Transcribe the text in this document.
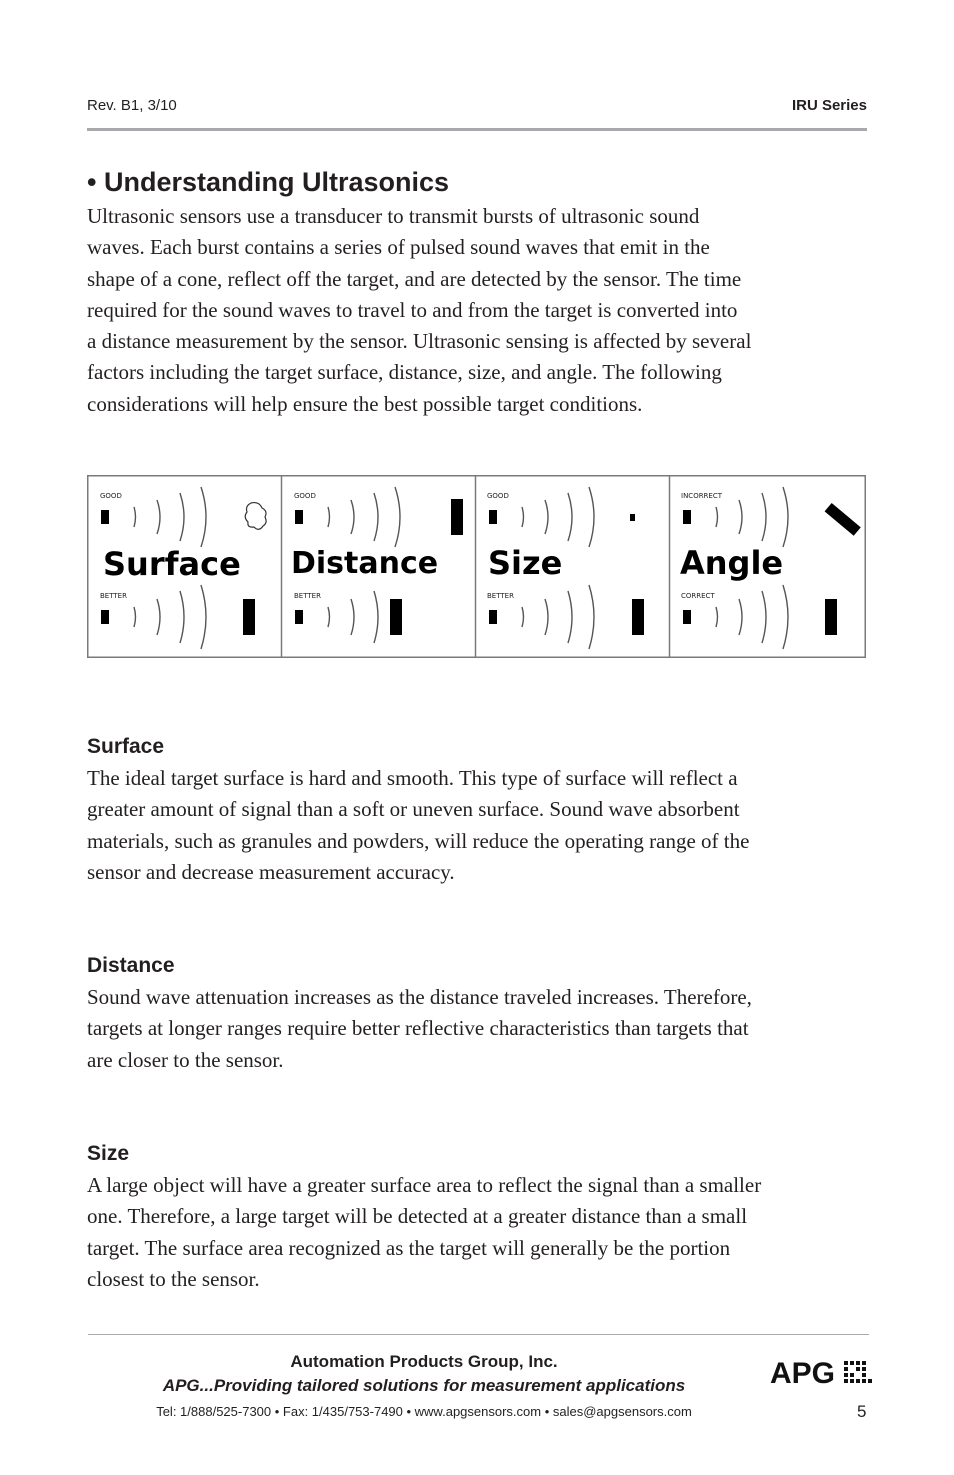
Rev. B1, 3/10	IRU Series
• Understanding Ultrasonics

Ultrasonic sensors use a transducer to transmit bursts of ultrasonic sound
waves. Each burst contains a series of pulsed sound waves that emit in the
shape of a cone, reflect off the target, and are detected by the sensor. The time
required for the sound waves to travel to and from the target is converted into
a distance measurement by the sensor. Ultrasonic sensing is affected by several
factors including the target surface, distance, size, and angle. The following
considerations will help ensure the best possible target conditions.

GOOD
Surface
BETTER
GOOD
Distance
BETTER
GOOD
Size
BETTER
INCORRECT
Angle
CORRECT
Surface

The ideal target surface is hard and smooth. This type of surface will reflect a
greater amount of signal than a soft or uneven surface. Sound wave absorbent
materials, such as granules and powders, will reduce the operating range of the
sensor and decrease measurement accuracy.

Distance

Sound wave attenuation increases as the distance traveled increases. Therefore,
targets at longer ranges require better reflective characteristics than targets that
are closer to the sensor.

Size

A large object will have a greater surface area to reflect the signal than a smaller
one. Therefore, a large target will be detected at a greater distance than a small
target. The surface area recognized as the target will generally be the portion
closest to the sensor.

Automation Products Group, Inc.
APG...Providing tailored solutions for measurement applications
Tel: 1/888/525-7300 • Fax: 1/435/753-7490 • www.apgsensors.com • sales@apgsensors.com
APG
5
